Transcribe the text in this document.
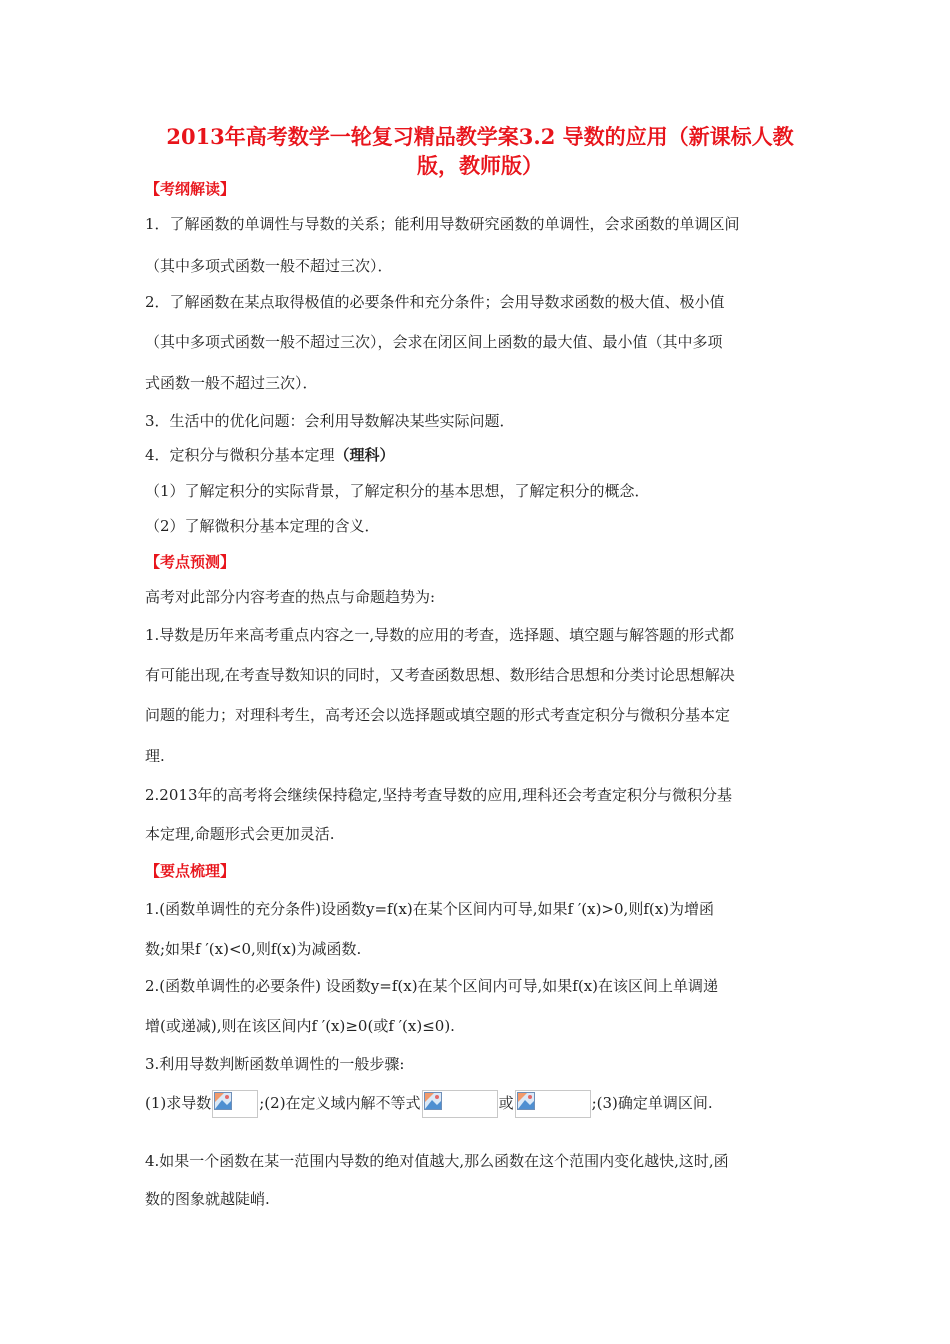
2013年高考数学一轮复习精品教学案3.2 导数的应用（新课标人教
版，教师版）
【考纲解读】
1．了解函数的单调性与导数的关系；能利用导数研究函数的单调性，会求函数的单调区间
（其中多项式函数一般不超过三次）．
2．了解函数在某点取得极值的必要条件和充分条件；会用导数求函数的极大值、极小值
（其中多项式函数一般不超过三次），会求在闭区间上函数的最大值、最小值（其中多项
式函数一般不超过三次）．
3．生活中的优化问题：会利用导数解决某些实际问题．
4．定积分与微积分基本定理（理科）
（1）了解定积分的实际背景，了解定积分的基本思想，了解定积分的概念．
（2）了解微积分基本定理的含义．
【考点预测】
高考对此部分内容考查的热点与命题趋势为:
1.导数是历年来高考重点内容之一,导数的应用的考查，选择题、填空题与解答题的形式都
有可能出现,在考查导数知识的同时，又考查函数思想、数形结合思想和分类讨论思想解决
问题的能力；对理科考生，高考还会以选择题或填空题的形式考查定积分与微积分基本定
理.
2.2013年的高考将会继续保持稳定,坚持考查导数的应用,理科还会考查定积分与微积分基
本定理,命题形式会更加灵活.
【要点梳理】
1.(函数单调性的充分条件)设函数y=f(x)在某个区间内可导,如果f ′(x)>0,则f(x)为增函
数;如果f ′(x)<0,则f(x)为减函数.
2.(函数单调性的必要条件) 设函数y=f(x)在某个区间内可导,如果f(x)在该区间上单调递
增(或递减),则在该区间内f ′(x)≥0(或f ′(x)≤0).
3.利用导数判断函数单调性的一般步骤:
(1)求导数	;(2)在定义域内解不等式	或	;(3)确定单调区间.
4.如果一个函数在某一范围内导数的绝对值越大,那么函数在这个范围内变化越快,这时,函
数的图象就越陡峭.
